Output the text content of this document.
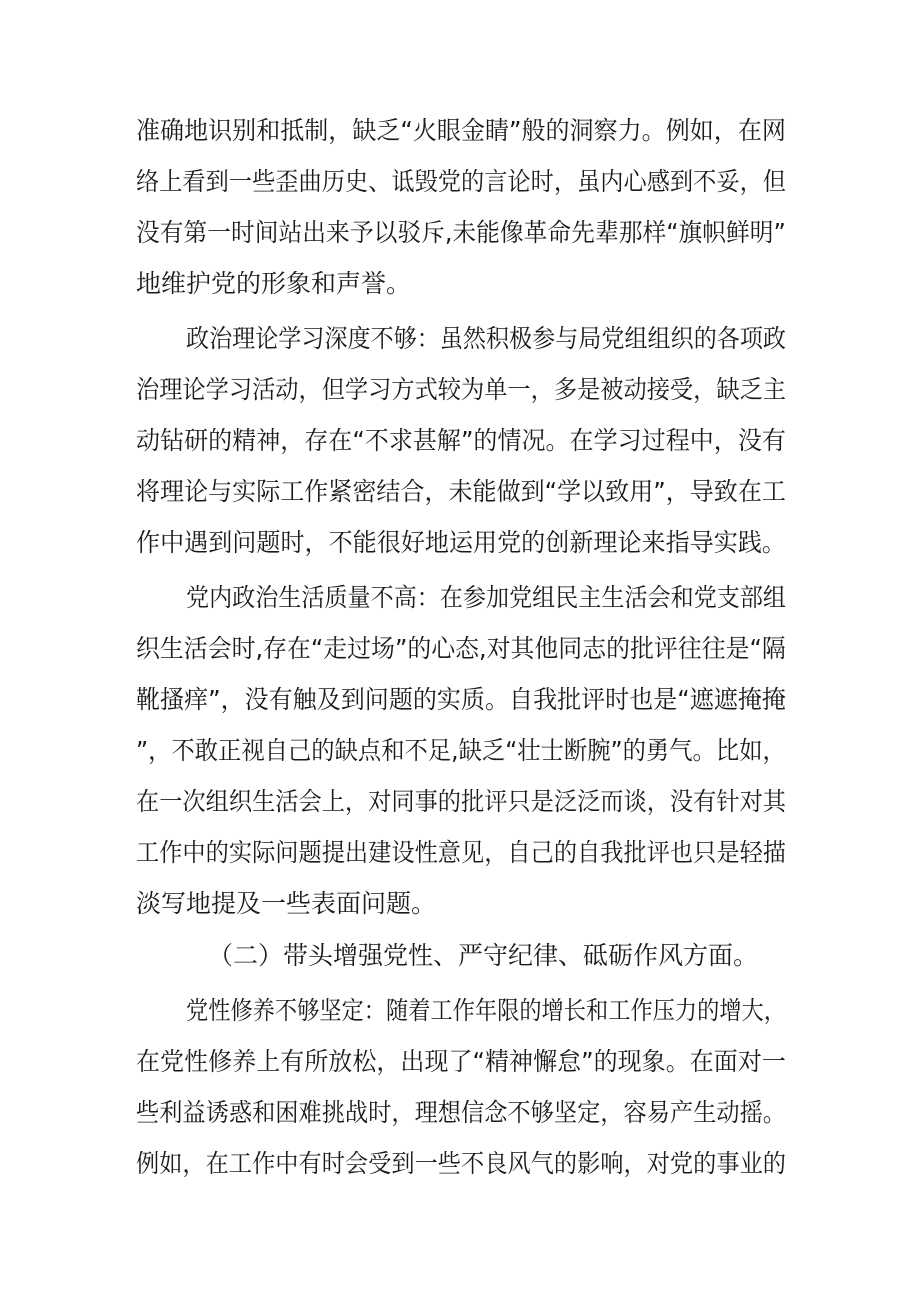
准确地识别和抵制，缺乏“火眼金睛”般的洞察力。例如，在网

络上看到一些歪曲历史、诋毁党的言论时，虽内心感到不妥，但

没有第一时间站出来予以驳斥,未能像革命先辈那样“旗帜鲜明”

地维护党的形象和声誉。

政治理论学习深度不够：虽然积极参与局党组组织的各项政

治理论学习活动，但学习方式较为单一，多是被动接受，缺乏主

动钻研的精神，存在“不求甚解”的情况。在学习过程中，没有

将理论与实际工作紧密结合，未能做到“学以致用”，导致在工

作中遇到问题时，不能很好地运用党的创新理论来指导实践。

党内政治生活质量不高：在参加党组民主生活会和党支部组

织生活会时,存在“走过场”的心态,对其他同志的批评往往是“隔

靴搔痒”，没有触及到问题的实质。自我批评时也是“遮遮掩掩

”，不敢正视自己的缺点和不足,缺乏“壮士断腕”的勇气。比如，

在一次组织生活会上，对同事的批评只是泛泛而谈，没有针对其

工作中的实际问题提出建设性意见，自己的自我批评也只是轻描

淡写地提及一些表面问题。

（二）带头增强党性、严守纪律、砥砺作风方面。

党性修养不够坚定：随着工作年限的增长和工作压力的增大，

在党性修养上有所放松，出现了“精神懈怠”的现象。在面对一

些利益诱惑和困难挑战时，理想信念不够坚定，容易产生动摇。

例如，在工作中有时会受到一些不良风气的影响，对党的事业的
